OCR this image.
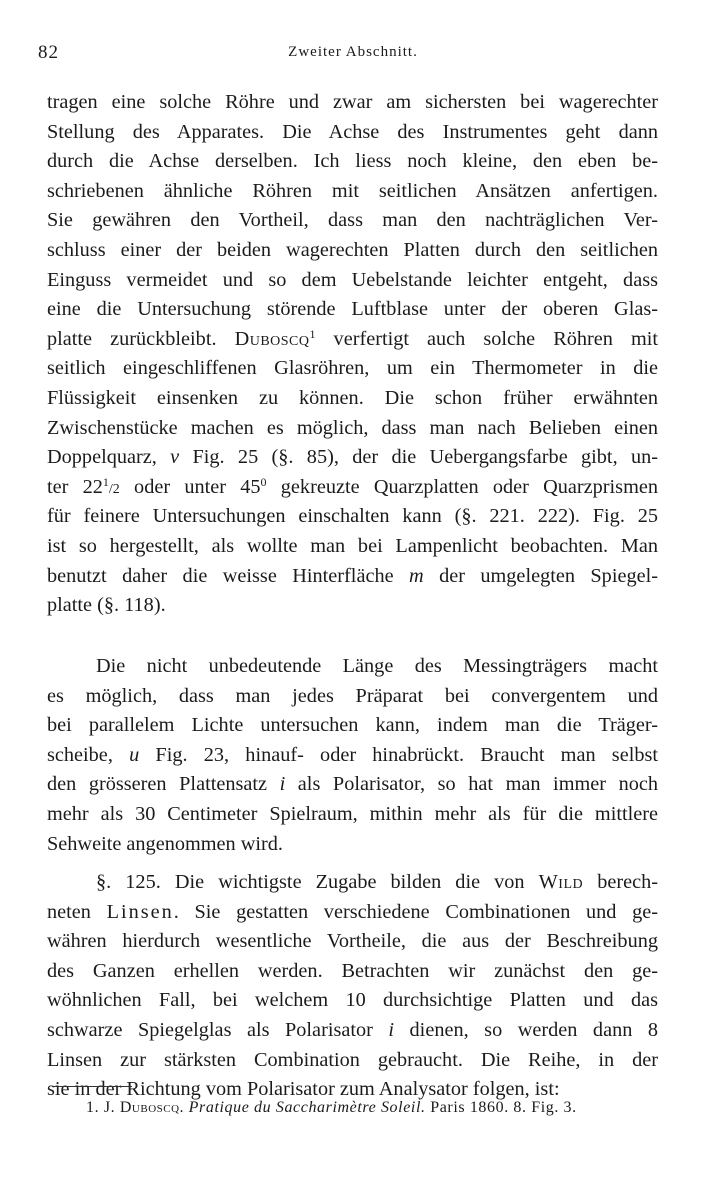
82	Zweiter Abschnitt.
tragen eine solche Röhre und zwar am sichersten bei wagerechter
Stellung des Apparates. Die Achse des Instrumentes geht dann
durch die Achse derselben. Ich liess noch kleine, den eben be-
schriebenen ähnliche Röhren mit seitlichen Ansätzen anfertigen.
Sie gewähren den Vortheil, dass man den nachträglichen Ver-
schluss einer der beiden wagerechten Platten durch den seitlichen
Einguss vermeidet und so dem Uebelstande leichter entgeht, dass
eine die Untersuchung störende Luftblase unter der oberen Glas-
platte zurückbleibt. Duboscq$^1$ verfertigt auch solche Röhren mit
seitlich eingeschliffenen Glasröhren, um ein Thermometer in die
Flüssigkeit einsenken zu können. Die schon früher erwähnten
Zwischenstücke machen es möglich, dass man nach Belieben einen
Doppelquarz, v Fig. 25 (§. 85), der die Uebergangsfarbe gibt, un-
ter $22^1/2$ oder unter $45^0$ gekreuzte Quarzplatten oder Quarzprismen
für feinere Untersuchungen einschalten kann (§. 221. 222). Fig. 25
ist so hergestellt, als wollte man bei Lampenlicht beobachten. Man
benutzt daher die weisse Hinterfläche m der umgelegten Spiegel-
platte (§. 118).
Die nicht unbedeutende Länge des Messingträgers macht
es möglich, dass man jedes Präparat bei convergentem und
bei parallelem Lichte untersuchen kann, indem man die Träger-
scheibe, u Fig. 23, hinauf- oder hinabrückt. Braucht man selbst
den grösseren Plattensatz i als Polarisator, so hat man immer noch
mehr als 30 Centimeter Spielraum, mithin mehr als für die mittlere
Sehweite angenommen wird.
§. 125. Die wichtigste Zugabe bilden die von Wild berech-
neten Linsen. Sie gestatten verschiedene Combinationen und ge-
währen hierdurch wesentliche Vortheile, die aus der Beschreibung
des Ganzen erhellen werden. Betrachten wir zunächst den ge-
wöhnlichen Fall, bei welchem 10 durchsichtige Platten und das
schwarze Spiegelglas als Polarisator i dienen, so werden dann 8
Linsen zur stärksten Combination gebraucht. Die Reihe, in der
sie in der Richtung vom Polarisator zum Analysator folgen, ist:
1. J. Duboscq. Pratique du Saccharimètre Soleil. Paris 1860. 8. Fig. 3.
